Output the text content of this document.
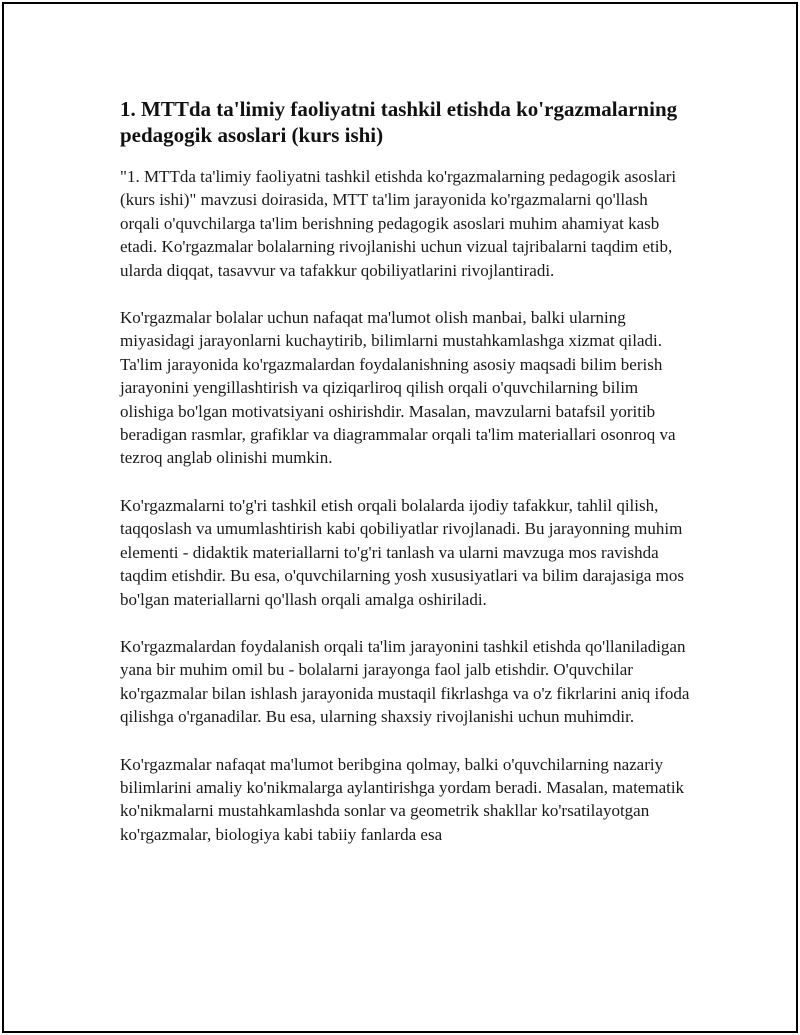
1. MTTda ta'limiy faoliyatni tashkil etishda ko'rgazmalarning pedagogik asoslari (kurs ishi)

"1. MTTda ta'limiy faoliyatni tashkil etishda ko'rgazmalarning pedagogik asoslari (kurs ishi)" mavzusi doirasida, MTT ta'lim jarayonida ko'rgazmalarni qo'llash orqali o'quvchilarga ta'lim berishning pedagogik asoslari muhim ahamiyat kasb etadi. Ko'rgazmalar bolalarning rivojlanishi uchun vizual tajribalarni taqdim etib, ularda diqqat, tasavvur va tafakkur qobiliyatlarini rivojlantiradi.

Ko'rgazmalar bolalar uchun nafaqat ma'lumot olish manbai, balki ularning miyasidagi jarayonlarni kuchaytirib, bilimlarni mustahkamlashga xizmat qiladi. Ta'lim jarayonida ko'rgazmalardan foydalanishning asosiy maqsadi bilim berish jarayonini yengillashtirish va qiziqarliroq qilish orqali o'quvchilarning bilim olishiga bo'lgan motivatsiyani oshirishdir. Masalan, mavzularni batafsil yoritib beradigan rasmlar, grafiklar va diagrammalar orqali ta'lim materiallari osonroq va tezroq anglab olinishi mumkin.

Ko'rgazmalarni to'g'ri tashkil etish orqali bolalarda ijodiy tafakkur, tahlil qilish, taqqoslash va umumlashtirish kabi qobiliyatlar rivojlanadi. Bu jarayonning muhim elementi - didaktik materiallarni to'g'ri tanlash va ularni mavzuga mos ravishda taqdim etishdir. Bu esa, o'quvchilarning yosh xususiyatlari va bilim darajasiga mos bo'lgan materiallarni qo'llash orqali amalga oshiriladi.

Ko'rgazmalardan foydalanish orqali ta'lim jarayonini tashkil etishda qo'llaniladigan yana bir muhim omil bu - bolalarni jarayonga faol jalb etishdir. O'quvchilar ko'rgazmalar bilan ishlash jarayonida mustaqil fikrlashga va o'z fikrlarini aniq ifoda qilishga o'rganadilar. Bu esa, ularning shaxsiy rivojlanishi uchun muhimdir.

Ko'rgazmalar nafaqat ma'lumot beribgina qolmay, balki o'quvchilarning nazariy bilimlarini amaliy ko'nikmalarga aylantirishga yordam beradi. Masalan, matematik ko'nikmalarni mustahkamlashda sonlar va geometrik shakllar ko'rsatilayotgan ko'rgazmalar, biologiya kabi tabiiy fanlarda esa
